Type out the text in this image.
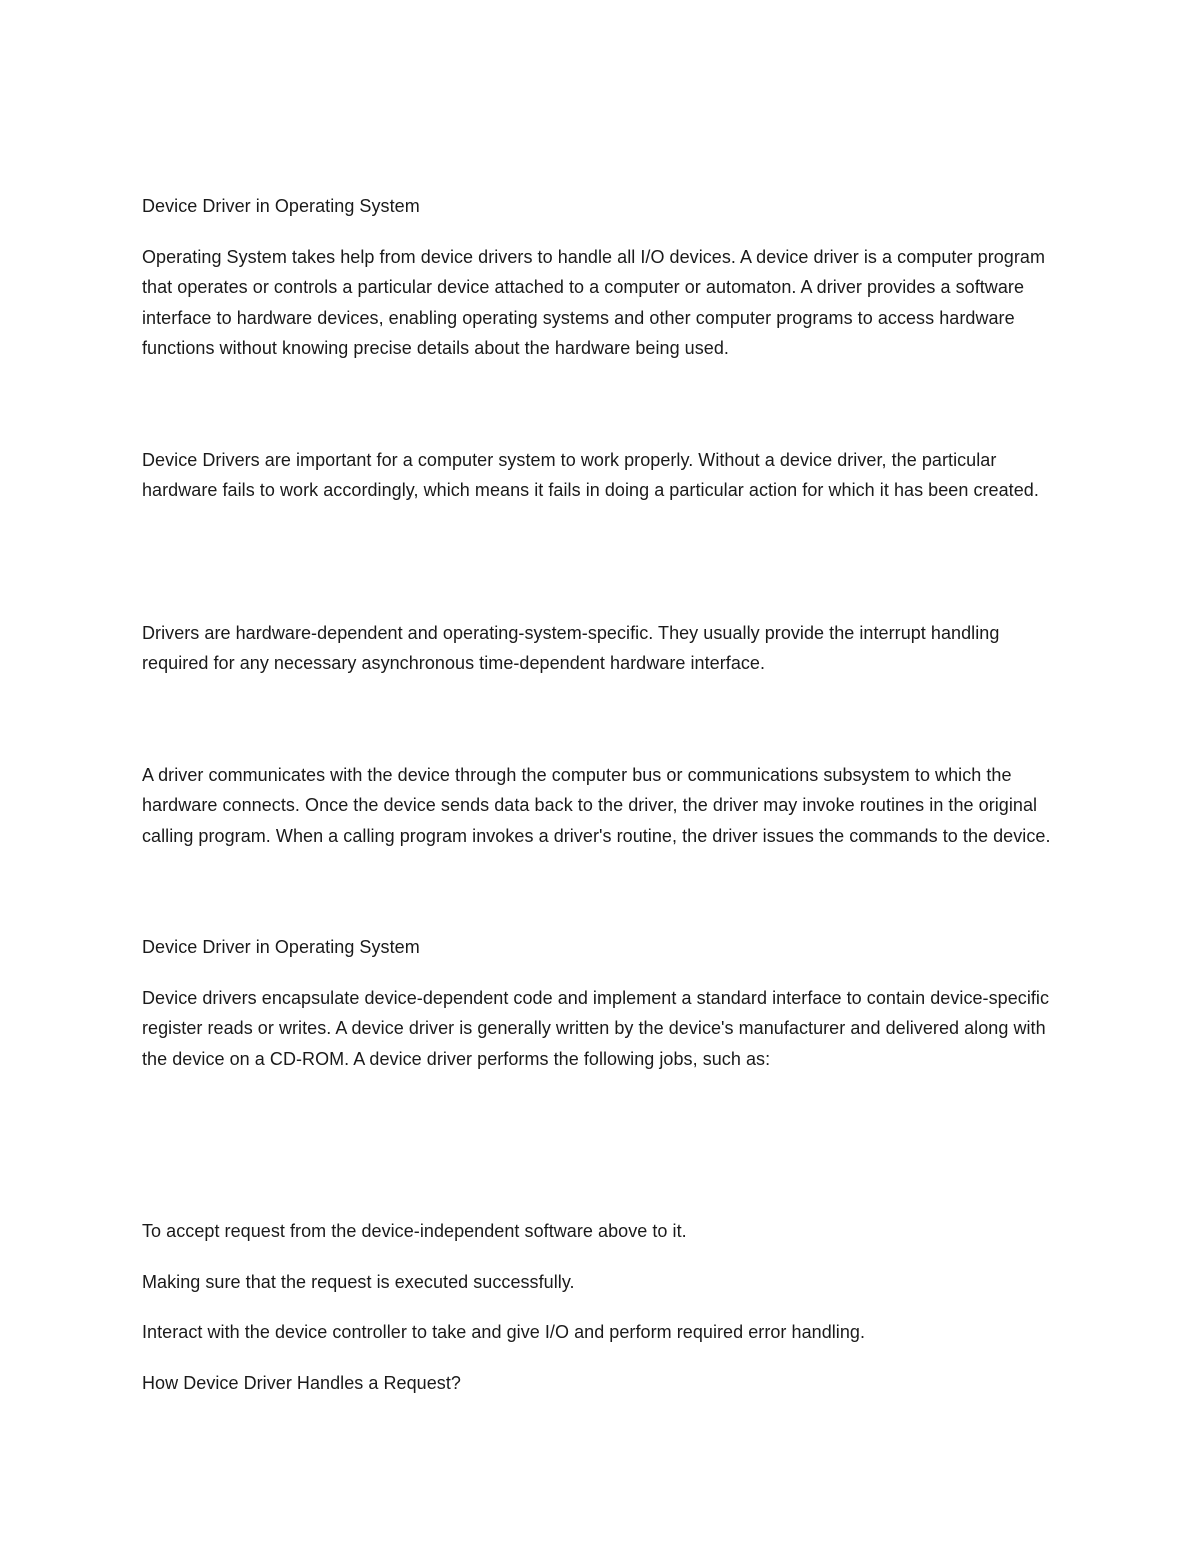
Device Driver in Operating System

Operating System takes help from device drivers to handle all I/O devices. A device driver is a computer program that operates or controls a particular device attached to a computer or automaton. A driver provides a software interface to hardware devices, enabling operating systems and other computer programs to access hardware functions without knowing precise details about the hardware being used.

Device Drivers are important for a computer system to work properly. Without a device driver, the particular hardware fails to work accordingly, which means it fails in doing a particular action for which it has been created.

Drivers are hardware-dependent and operating-system-specific. They usually provide the interrupt handling required for any necessary asynchronous time-dependent hardware interface.

A driver communicates with the device through the computer bus or communications subsystem to which the hardware connects. Once the device sends data back to the driver, the driver may invoke routines in the original calling program. When a calling program invokes a driver's routine, the driver issues the commands to the device.

Device Driver in Operating System

Device drivers encapsulate device-dependent code and implement a standard interface to contain device-specific register reads or writes. A device driver is generally written by the device's manufacturer and delivered along with the device on a CD-ROM. A device driver performs the following jobs, such as:

To accept request from the device-independent software above to it.

Making sure that the request is executed successfully.

Interact with the device controller to take and give I/O and perform required error handling.

How Device Driver Handles a Request?
